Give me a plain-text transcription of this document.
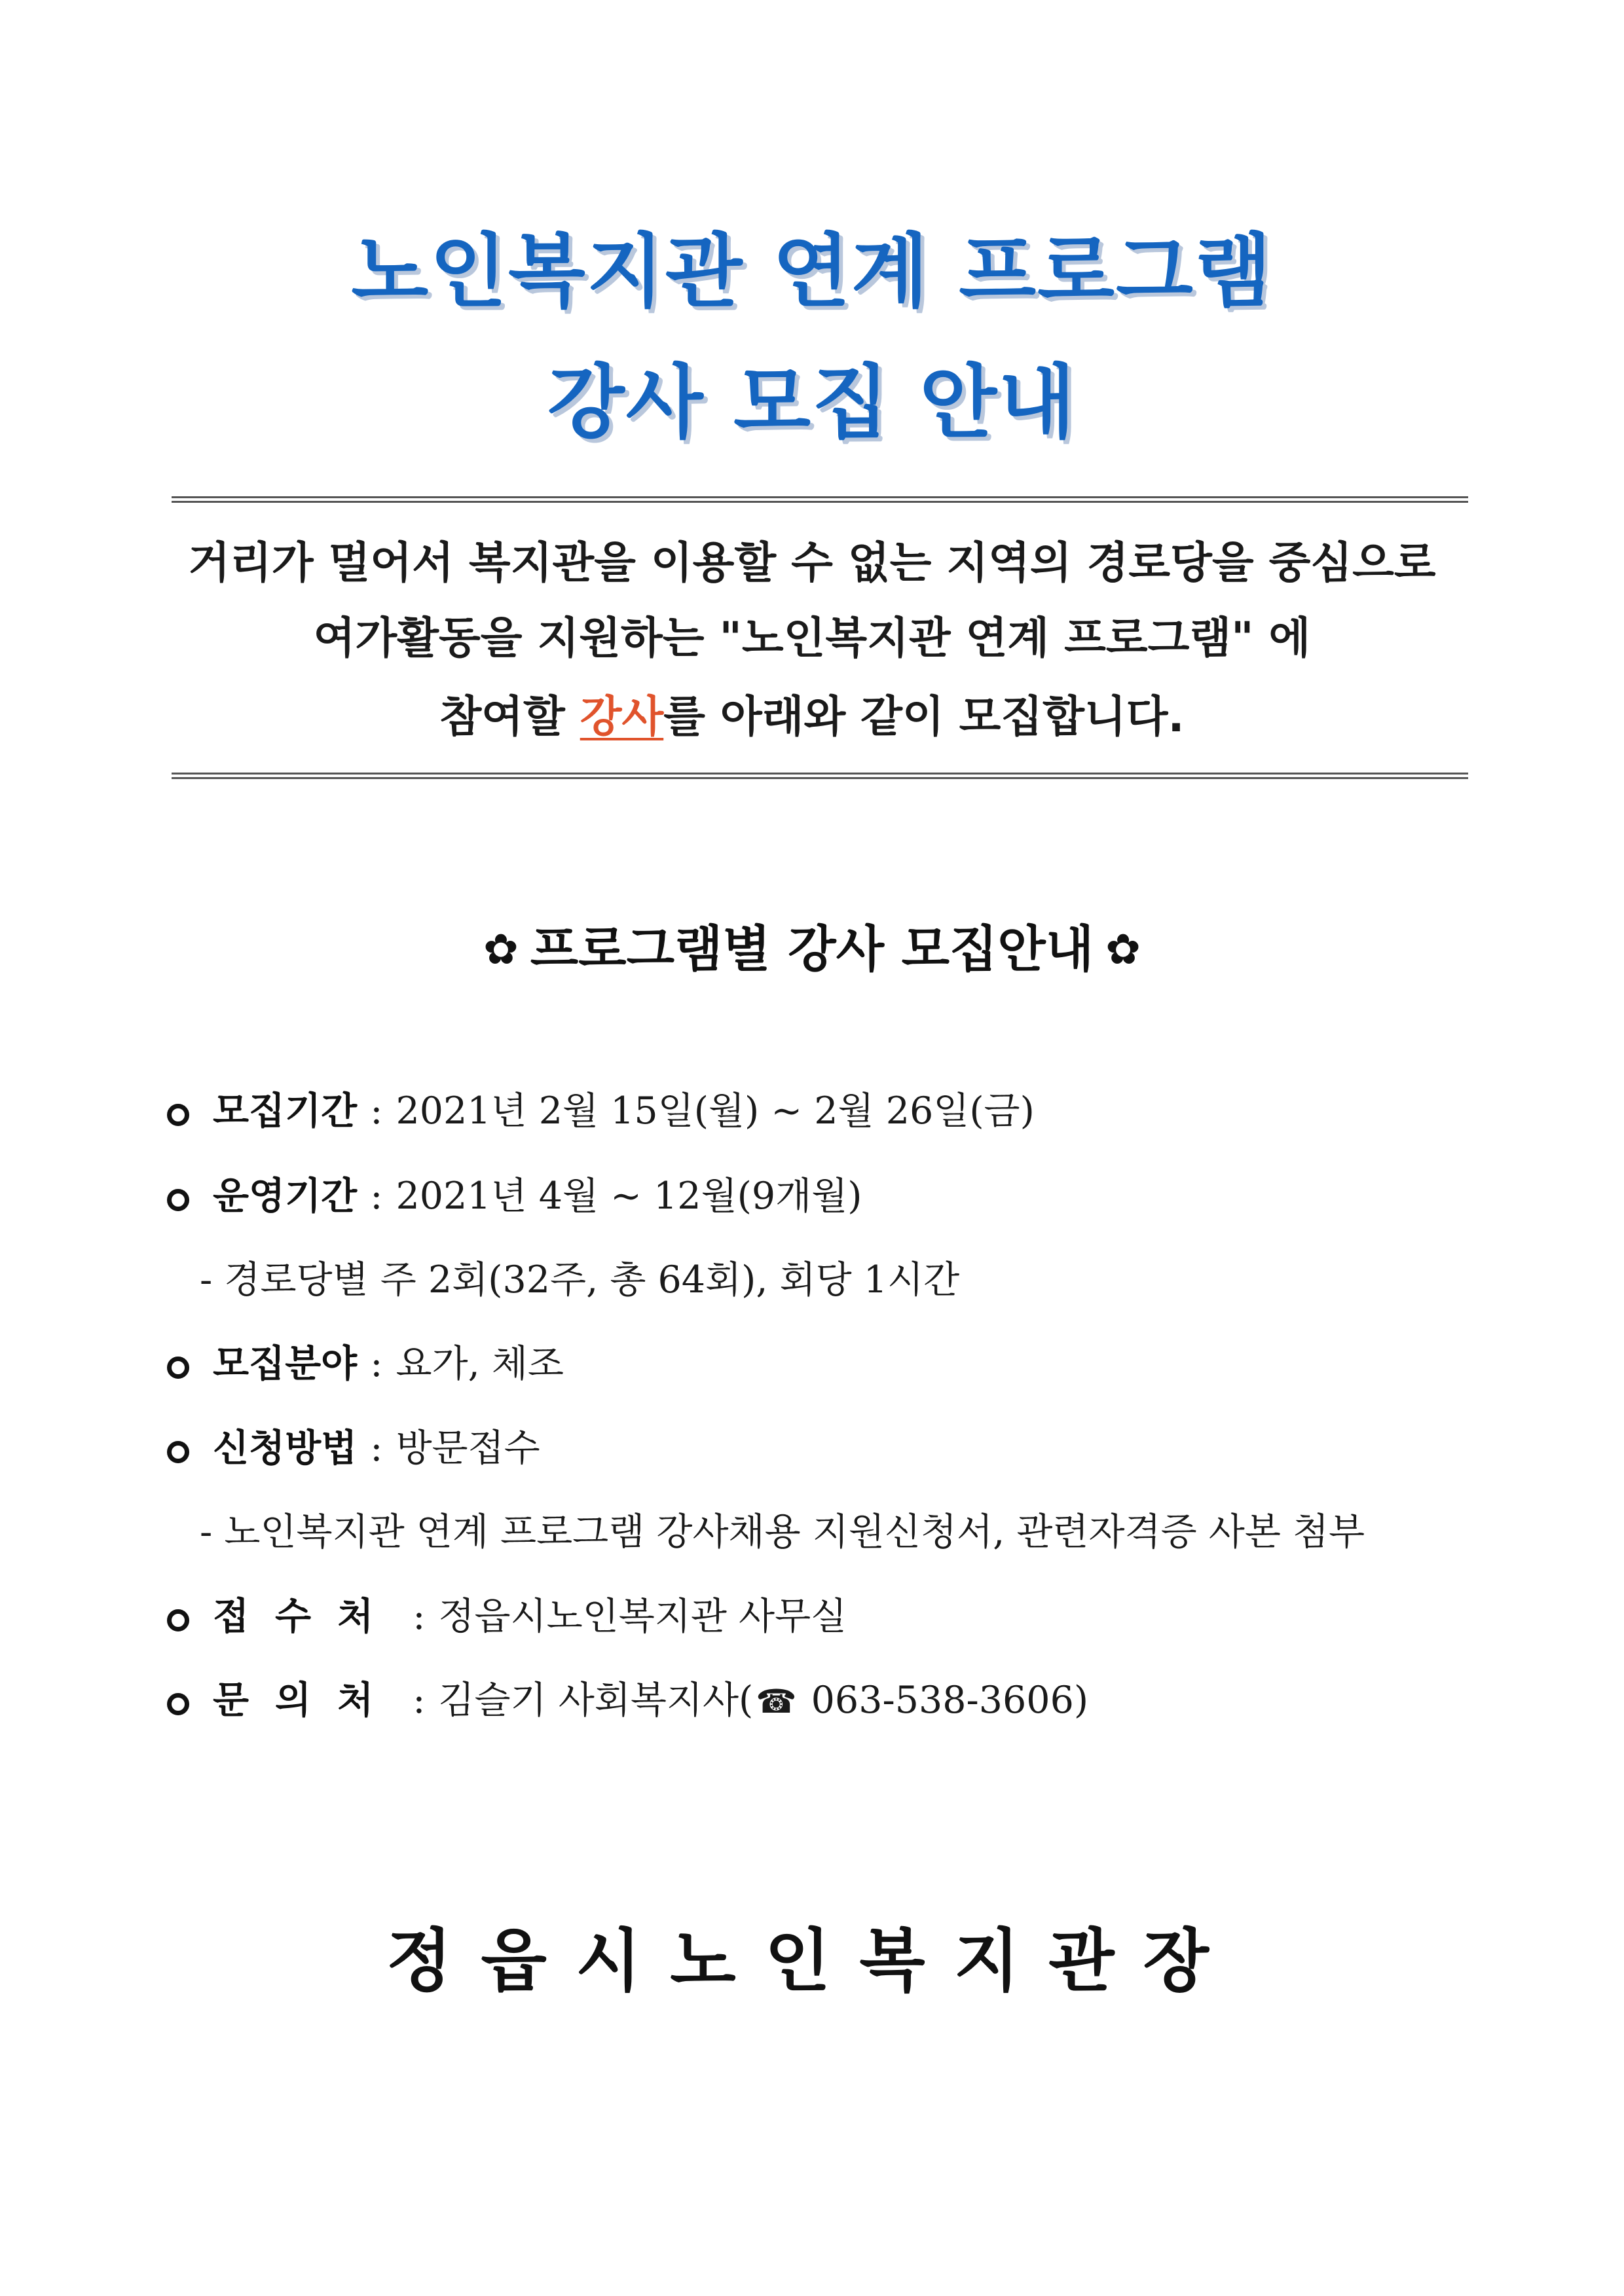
노인복지관 연계 프로그램
강사 모집 안내
거리가 멀어서 복지관을 이용할 수 없는 지역의 경로당을 중심으로
여가활동을 지원하는 "노인복지관 연계 프로그램" 에
참여할 강사를 아래와 같이 모집합니다.
✿ 프로그램별 강사 모집안내 ✿
모집기간 : 2021년 2월 15일(월) ~ 2월 26일(금)
운영기간 : 2021년 4월 ~ 12월(9개월)
- 경로당별 주 2회(32주, 총 64회), 회당 1시간
모집분야 : 요가, 체조
신청방법 : 방문접수
- 노인복지관 연계 프로그램 강사채용 지원신청서, 관련자격증 사본 첨부
접수처 : 정읍시노인복지관 사무실
문의처 : 김슬기 사회복지사(☎ 063-538-3606)
정읍시노인복지관장
